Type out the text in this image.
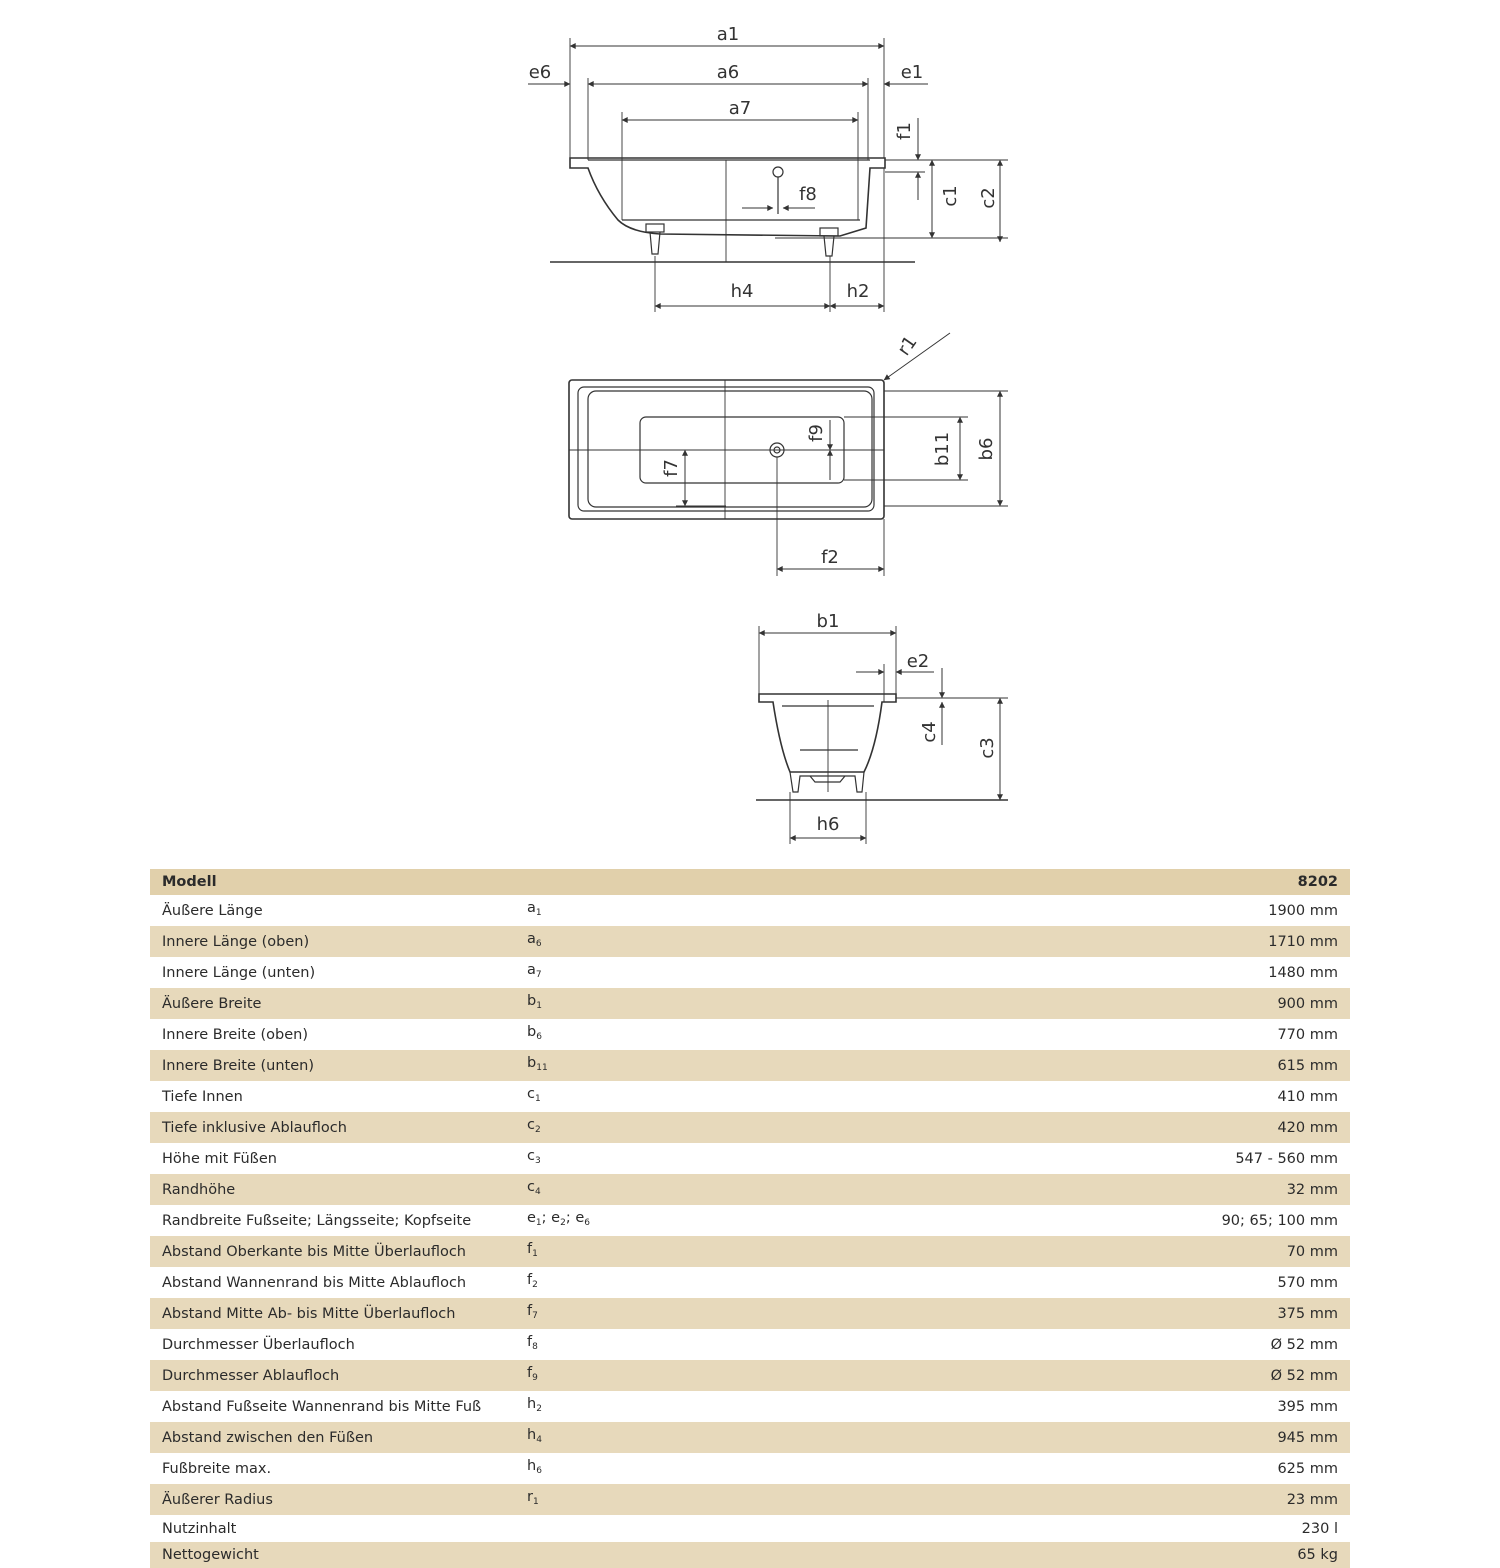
a1
a6
e6	e1
a7
f8
f1
c1 c2
h4	h2
r1
f9	b11 b6
f7
f2
b1
e2
c4
c3
h6
Modell		8202
Äußere Länge	$a_1$	1900 mm
Innere Länge (oben)	$a_6$	1710 mm
Innere Länge (unten)	$a_7$	1480 mm
Äußere Breite	$b_1$	900 mm
Innere Breite (oben)	$b_6$	770 mm
Innere Breite (unten)	$b_{11}$	615 mm
Tiefe Innen	$c_1$	410 mm
Tiefe inklusive Ablaufloch	$c_2$	420 mm
Höhe mit Füßen	$c_3$	547 - 560 mm
Randhöhe	$c_4$	32 mm
Randbreite Fußseite; Längsseite; Kopfseite	$e_1$; $e_2$; $e_6$	90; 65; 100 mm
Abstand Oberkante bis Mitte Überlaufloch	$f_1$	70 mm
Abstand Wannenrand bis Mitte Ablaufloch	$f_2$	570 mm
Abstand Mitte Ab- bis Mitte Überlaufloch	$f_7$	375 mm
Durchmesser Überlaufloch	$f_8$	Ø 52 mm
Durchmesser Ablaufloch	$f_9$	Ø 52 mm
Abstand Fußseite Wannenrand bis Mitte Fuß	$h_2$	395 mm
Abstand zwischen den Füßen	$h_4$	945 mm
Fußbreite max.	$h_6$	625 mm
Äußerer Radius	$r_1$	23 mm
Nutzinhalt		230 l
Nettogewicht		65 kg
